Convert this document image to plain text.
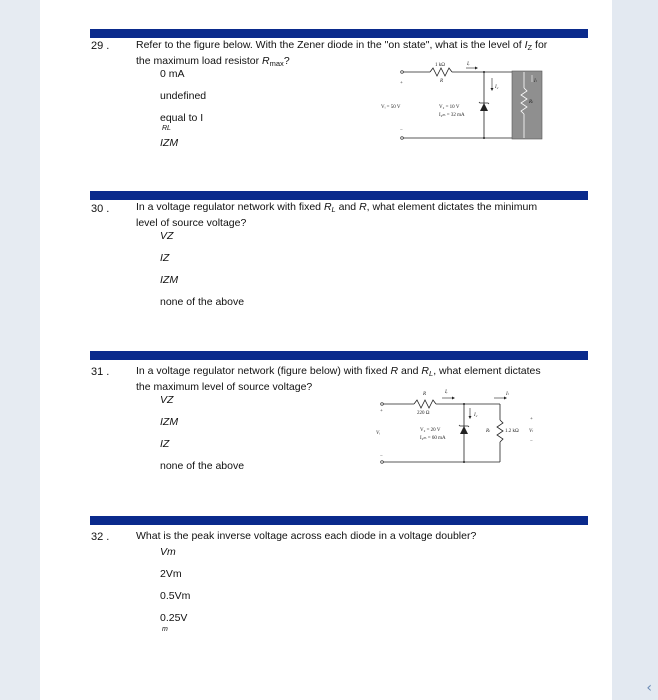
‹
29 .	Refer to the figure below. With the Zener diode in the "on state", what is the level of $I_Z$ for
the maximum load resistor $R_{max}$?
0 mA
undefined
equal to I
RL
IZM
1 kΩ
R
Iᵣ
Vᵢ = 50 V
+
−
V₂ = 10 V
I₂ₘ = 32 mA
I₂
Iₗ
Rₗ
30 .	In a voltage regulator network with fixed $R_L$ and R, what element dictates the minimum
level of source voltage?
VZ
IZ
IZM
none of the above
31 .	In a voltage regulator network (figure below) with fixed R and $R_L$, what element dictates
the maximum level of source voltage?
VZ
IZM
IZ
none of the above
R
220 Ω
Iᵣ
+
Vᵢ
−
V₂ = 20 V
I₂ₘ = 60 mA
I₂
Iₗ
Rₗ	1.2 kΩ Vₗ
+
−
32 .	What is the peak inverse voltage across each diode in a voltage doubler?
Vm
2Vm
0.5Vm
0.25V
m
